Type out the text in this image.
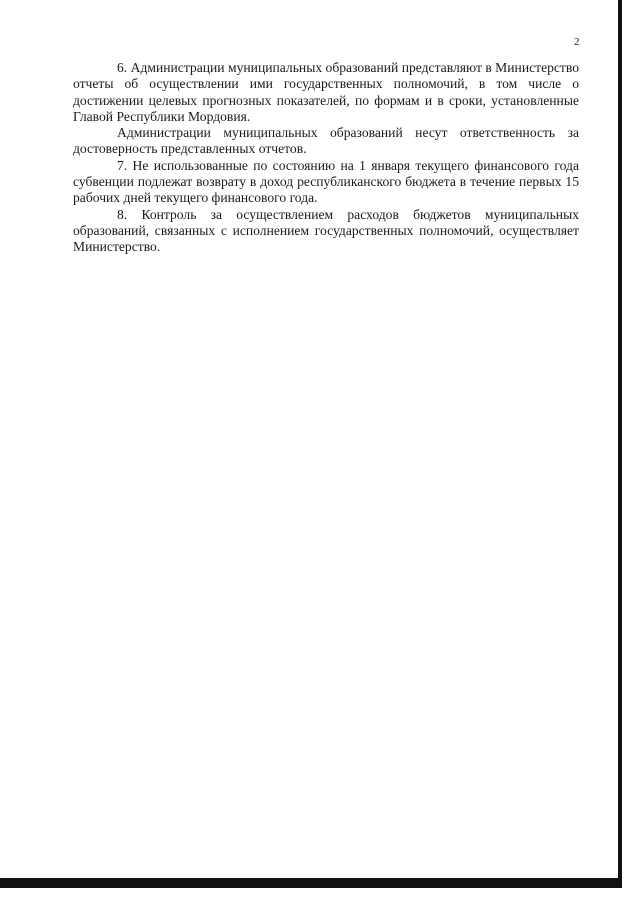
2

6. Администрации муниципальных образований представляют в Министерство отчеты об осуществлении ими государственных полномочий, в том числе о достижении целевых прогнозных показателей, по формам и в сроки, установленные Главой Республики Мордовия.

Администрации муниципальных образований несут ответственность за достоверность представленных отчетов.

7. Не использованные по состоянию на 1 января текущего финансового года субвенции подлежат возврату в доход республиканского бюджета в течение первых 15 рабочих дней текущего финансового года.

8. Контроль за осуществлением расходов бюджетов муниципальных образований, связанных с исполнением государственных полномочий, осуществляет Министерство.
